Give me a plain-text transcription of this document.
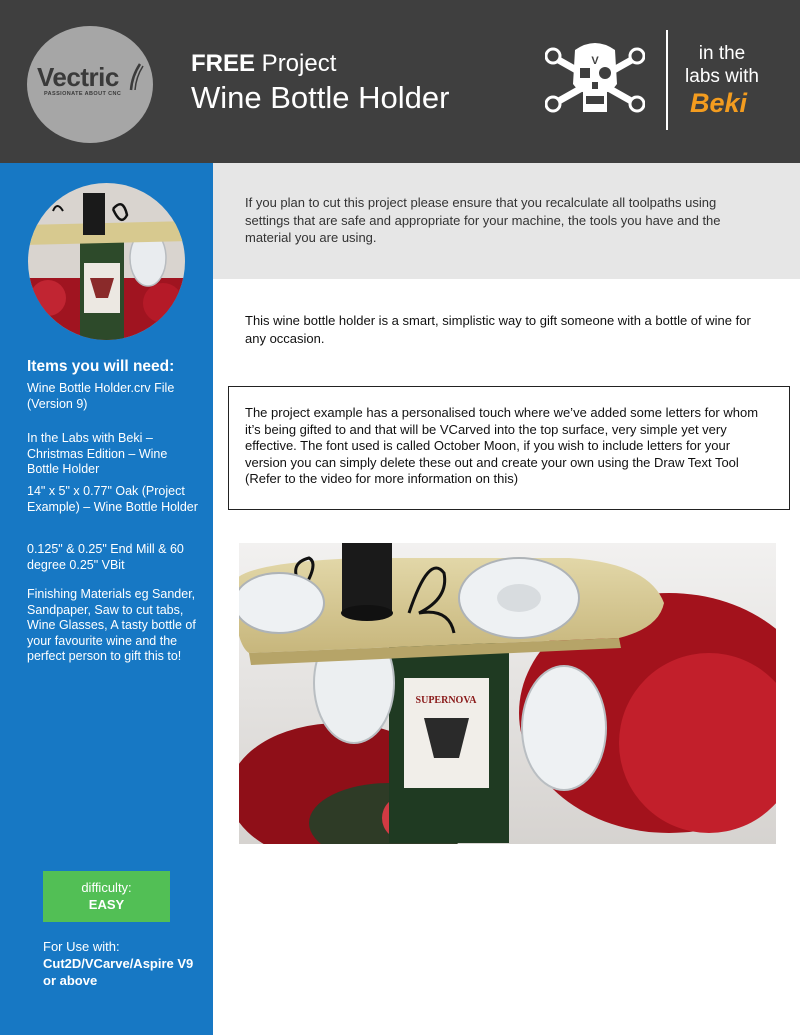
Vectric
PASSIONATE ABOUT CNC
FREE Project
Wine Bottle Holder
V	in the
labs with
Beki
Items you will need:
Wine Bottle Holder.crv File (Version 9)
In the Labs with Beki – Christmas Edition – Wine Bottle Holder
14" x 5" x 0.77" Oak (Project Example) – Wine Bottle Holder
0.125" & 0.25" End Mill & 60 degree 0.25" VBit
Finishing Materials eg Sander, Sandpaper, Saw to cut tabs, Wine Glasses, A tasty bottle of your favourite wine and the perfect person to gift this to!
difficulty:
EASY
For Use with:
Cut2D/VCarve/Aspire V9 or above
If you plan to cut this project please ensure that you recalculate all toolpaths using settings that are safe and appropriate for your machine, the tools you have and the material you are using.
This wine bottle holder is a smart, simplistic way to gift someone with a bottle of wine for any occasion.
The project example has a personalised touch where we’ve added some letters for whom it’s being gifted to and that will be VCarved into the top surface, very simple yet very effective. The font used is called October Moon, if you wish to include letters for your version you can simply delete these out and create your own using the Draw Text Tool (Refer to the video for more information on this)
SUPERNOVA
